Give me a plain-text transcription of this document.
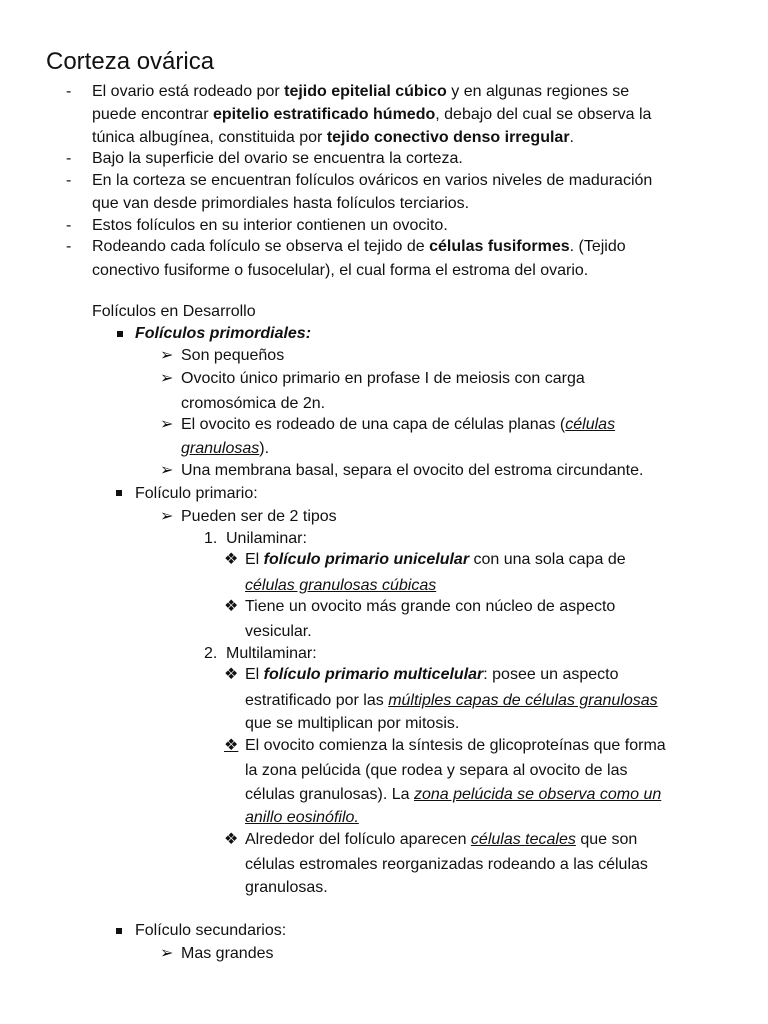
Corteza ovárica
- El ovario está rodeado por tejido epitelial cúbico y en algunas regiones se
puede encontrar epitelio estratificado húmedo, debajo del cual se observa la
túnica albugínea, constituida por tejido conectivo denso irregular.
- Bajo la superficie del ovario se encuentra la corteza.
- En la corteza se encuentran folículos ováricos en varios niveles de maduración
que van desde primordiales hasta folículos terciarios.
- Estos folículos en su interior contienen un ovocito.
- Rodeando cada folículo se observa el tejido de células fusiformes. (Tejido
conectivo fusiforme o fusocelular), el cual forma el estroma del ovario.
Folículos en Desarrollo
Folículos primordiales:
➢ Son pequeños
➢ Ovocito único primario en profase I de meiosis con carga
cromosómica de 2n.
➢ El ovocito es rodeado de una capa de células planas (células
granulosas).
➢ Una membrana basal, separa el ovocito del estroma circundante.
Folículo primario:
➢ Pueden ser de 2 tipos
1. Unilaminar:
❖ El folículo primario unicelular con una sola capa de
células granulosas cúbicas
❖ Tiene un ovocito más grande con núcleo de aspecto
vesicular.
2. Multilaminar:
❖ El folículo primario multicelular: posee un aspecto
estratificado por las múltiples capas de células granulosas
que se multiplican por mitosis.
❖ El ovocito comienza la síntesis de glicoproteínas que forma
la zona pelúcida (que rodea y separa al ovocito de las
células granulosas). La zona pelúcida se observa como un
anillo eosinófilo.
❖ Alrededor del folículo aparecen células tecales que son
células estromales reorganizadas rodeando a las células
granulosas.
Folículo secundarios:
➢ Mas grandes
